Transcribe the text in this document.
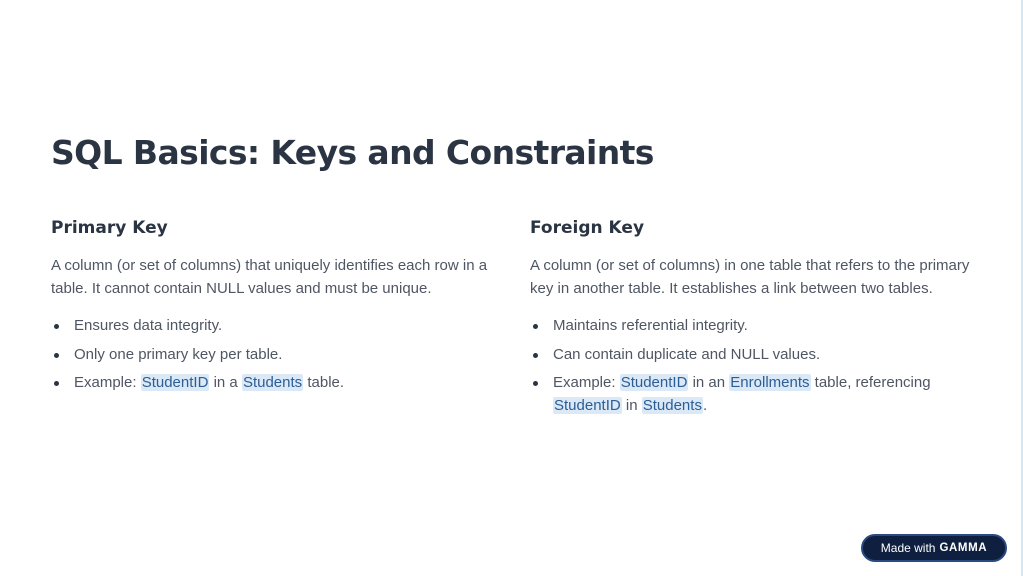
SQL Basics: Keys and Constraints
Primary Key

A column (or set of columns) that uniquely identifies each row in a table. It cannot contain NULL values and must be unique.

Ensures data integrity.
Only one primary key per table.
Example: StudentID in a Students table.
Foreign Key

A column (or set of columns) in one table that refers to the primary key in another table. It establishes a link between two tables.

Maintains referential integrity.
Can contain duplicate and NULL values.
Example: StudentID in an Enrollments table, referencing StudentID in Students.
Made with GAMMA
